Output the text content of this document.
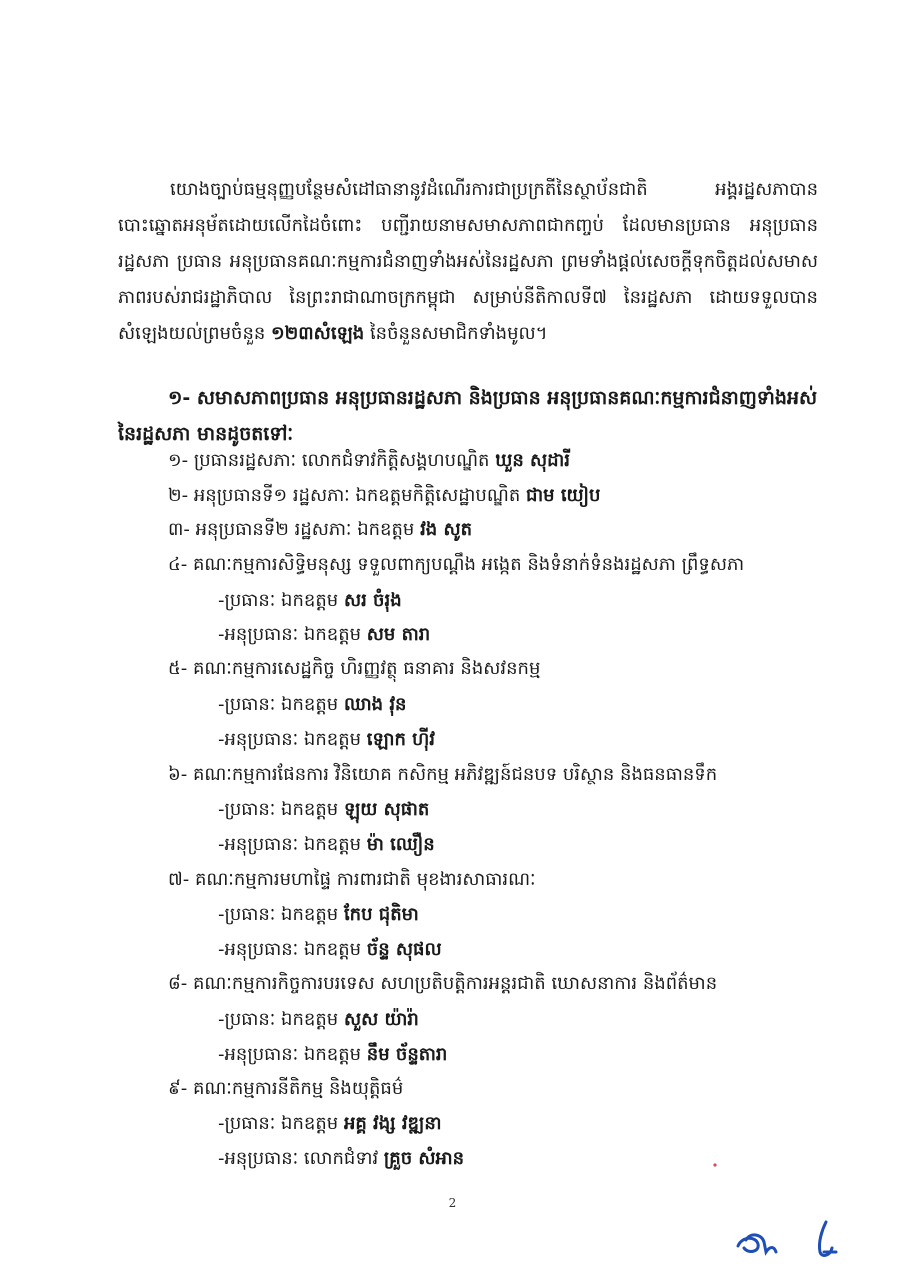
យោងច្បាប់ធម្មនុញ្ញបន្ថែមសំដៅធានានូវដំណើរការជាប្រក្រតីនៃស្ថាប័នជាតិ អង្គរដ្ឋសភាបានបោះឆ្នោតអនុម័តដោយលើកដៃចំពោះ បញ្ជីរាយនាមសមាសភាពជាកញ្ចប់ ដែលមានប្រធាន អនុប្រធានរដ្ឋសភា ប្រធាន អនុប្រធានគណៈកម្មការជំនាញទាំងអស់នៃរដ្ឋសភា ព្រមទាំងផ្តល់សេចក្តីទុកចិត្តដល់សមាសភាពរបស់រាជរដ្ឋាភិបាល នៃព្រះរាជាណាចក្រកម្ពុជា សម្រាប់នីតិកាលទី៧ នៃរដ្ឋសភា ដោយទទួលបានសំឡេងយល់ព្រមចំនួន ១២៣សំឡេង នៃចំនួនសមាជិកទាំងមូល។

១- សមាសភាពប្រធាន អនុប្រធានរដ្ឋសភា និងប្រធាន អនុប្រធានគណៈកម្មការជំនាញទាំងអស់ នៃរដ្ឋសភា មានដូចតទៅៈ

១- ប្រធានរដ្ឋសភាៈ លោកជំទាវកិត្តិសង្គហបណ្ឌិត ឃួន សុដារី
២- អនុប្រធានទី១ រដ្ឋសភាៈ ឯកឧត្តមកិត្តិសេដ្ឋាបណ្ឌិត ជាម យៀប
៣- អនុប្រធានទី២ រដ្ឋសភាៈ ឯកឧត្តម វង សូត
៤- គណៈកម្មការសិទ្ធិមនុស្ស ទទួលពាក្យបណ្តឹង អង្កេត និងទំនាក់ទំនងរដ្ឋសភា ព្រឹទ្ធសភា
-ប្រធានៈ ឯកឧត្តម សរ ចំរុង
-អនុប្រធានៈ ឯកឧត្តម សម តារា
៥- គណៈកម្មការសេដ្ឋកិច្ច ហិរញ្ញវត្ថុ ធនាគារ និងសវនកម្ម
-ប្រធានៈ ឯកឧត្តម ឈាង វុន
-អនុប្រធានៈ ឯកឧត្តម ឡោក ហ៊ីវ
៦- គណៈកម្មការផែនការ វិនិយោគ កសិកម្ម អភិវឌ្ឍន៍ជនបទ បរិស្ថាន និងធនធានទឹក
-ប្រធានៈ ឯកឧត្តម ឡុយ សុផាត
-អនុប្រធានៈ ឯកឧត្តម ម៉ា ឈឿន
៧- គណៈកម្មការមហាផ្ទៃ ការពារជាតិ មុខងារសាធារណៈ
-ប្រធានៈ ឯកឧត្តម កែប ជុតិមា
-អនុប្រធានៈ ឯកឧត្តម ច័ន្ទ សុផល
៨- គណៈកម្មការកិច្ចការបរទេស សហប្រតិបត្តិការអន្តរជាតិ ឃោសនាការ និងព័ត៌មាន
-ប្រធានៈ ឯកឧត្តម សួស យ៉ារ៉ា
-អនុប្រធានៈ ឯកឧត្តម នឹម ច័ន្ទតារា
៩- គណៈកម្មការនីតិកម្ម និងយុត្តិធម៌
-ប្រធានៈ ឯកឧត្តម អគ្គ វង្ស វឌ្ឍនា
-អនុប្រធានៈ លោកជំទាវ គ្រួច សំអាន
2
